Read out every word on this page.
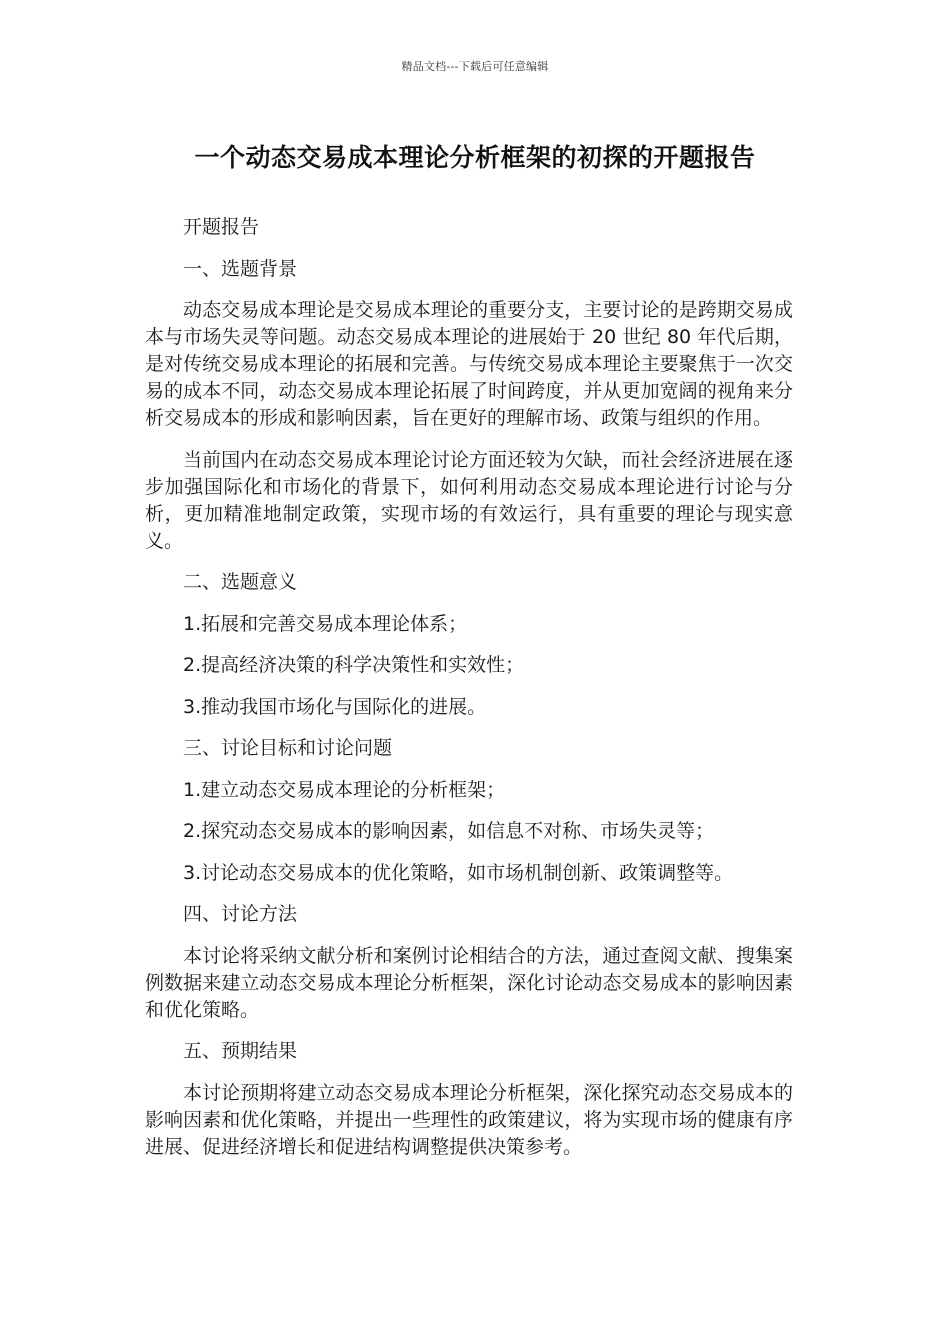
精品文档---下载后可任意编辑
一个动态交易成本理论分析框架的初探的开题报告

开题报告

一、选题背景

动态交易成本理论是交易成本理论的重要分支，主要讨论的是跨期交易成本与市场失灵等问题。动态交易成本理论的进展始于 20 世纪 80 年代后期，是对传统交易成本理论的拓展和完善。与传统交易成本理论主要聚焦于一次交易的成本不同，动态交易成本理论拓展了时间跨度，并从更加宽阔的视角来分析交易成本的形成和影响因素，旨在更好的理解市场、政策与组织的作用。

当前国内在动态交易成本理论讨论方面还较为欠缺，而社会经济进展在逐步加强国际化和市场化的背景下，如何利用动态交易成本理论进行讨论与分析，更加精准地制定政策，实现市场的有效运行，具有重要的理论与现实意义。

二、选题意义

1.拓展和完善交易成本理论体系；

2.提高经济决策的科学决策性和实效性；

3.推动我国市场化与国际化的进展。

三、讨论目标和讨论问题

1.建立动态交易成本理论的分析框架；

2.探究动态交易成本的影响因素，如信息不对称、市场失灵等；

3.讨论动态交易成本的优化策略，如市场机制创新、政策调整等。

四、讨论方法

本讨论将采纳文献分析和案例讨论相结合的方法，通过查阅文献、搜集案例数据来建立动态交易成本理论分析框架，深化讨论动态交易成本的影响因素和优化策略。

五、预期结果

本讨论预期将建立动态交易成本理论分析框架，深化探究动态交易成本的影响因素和优化策略，并提出一些理性的政策建议，将为实现市场的健康有序进展、促进经济增长和促进结构调整提供决策参考。
